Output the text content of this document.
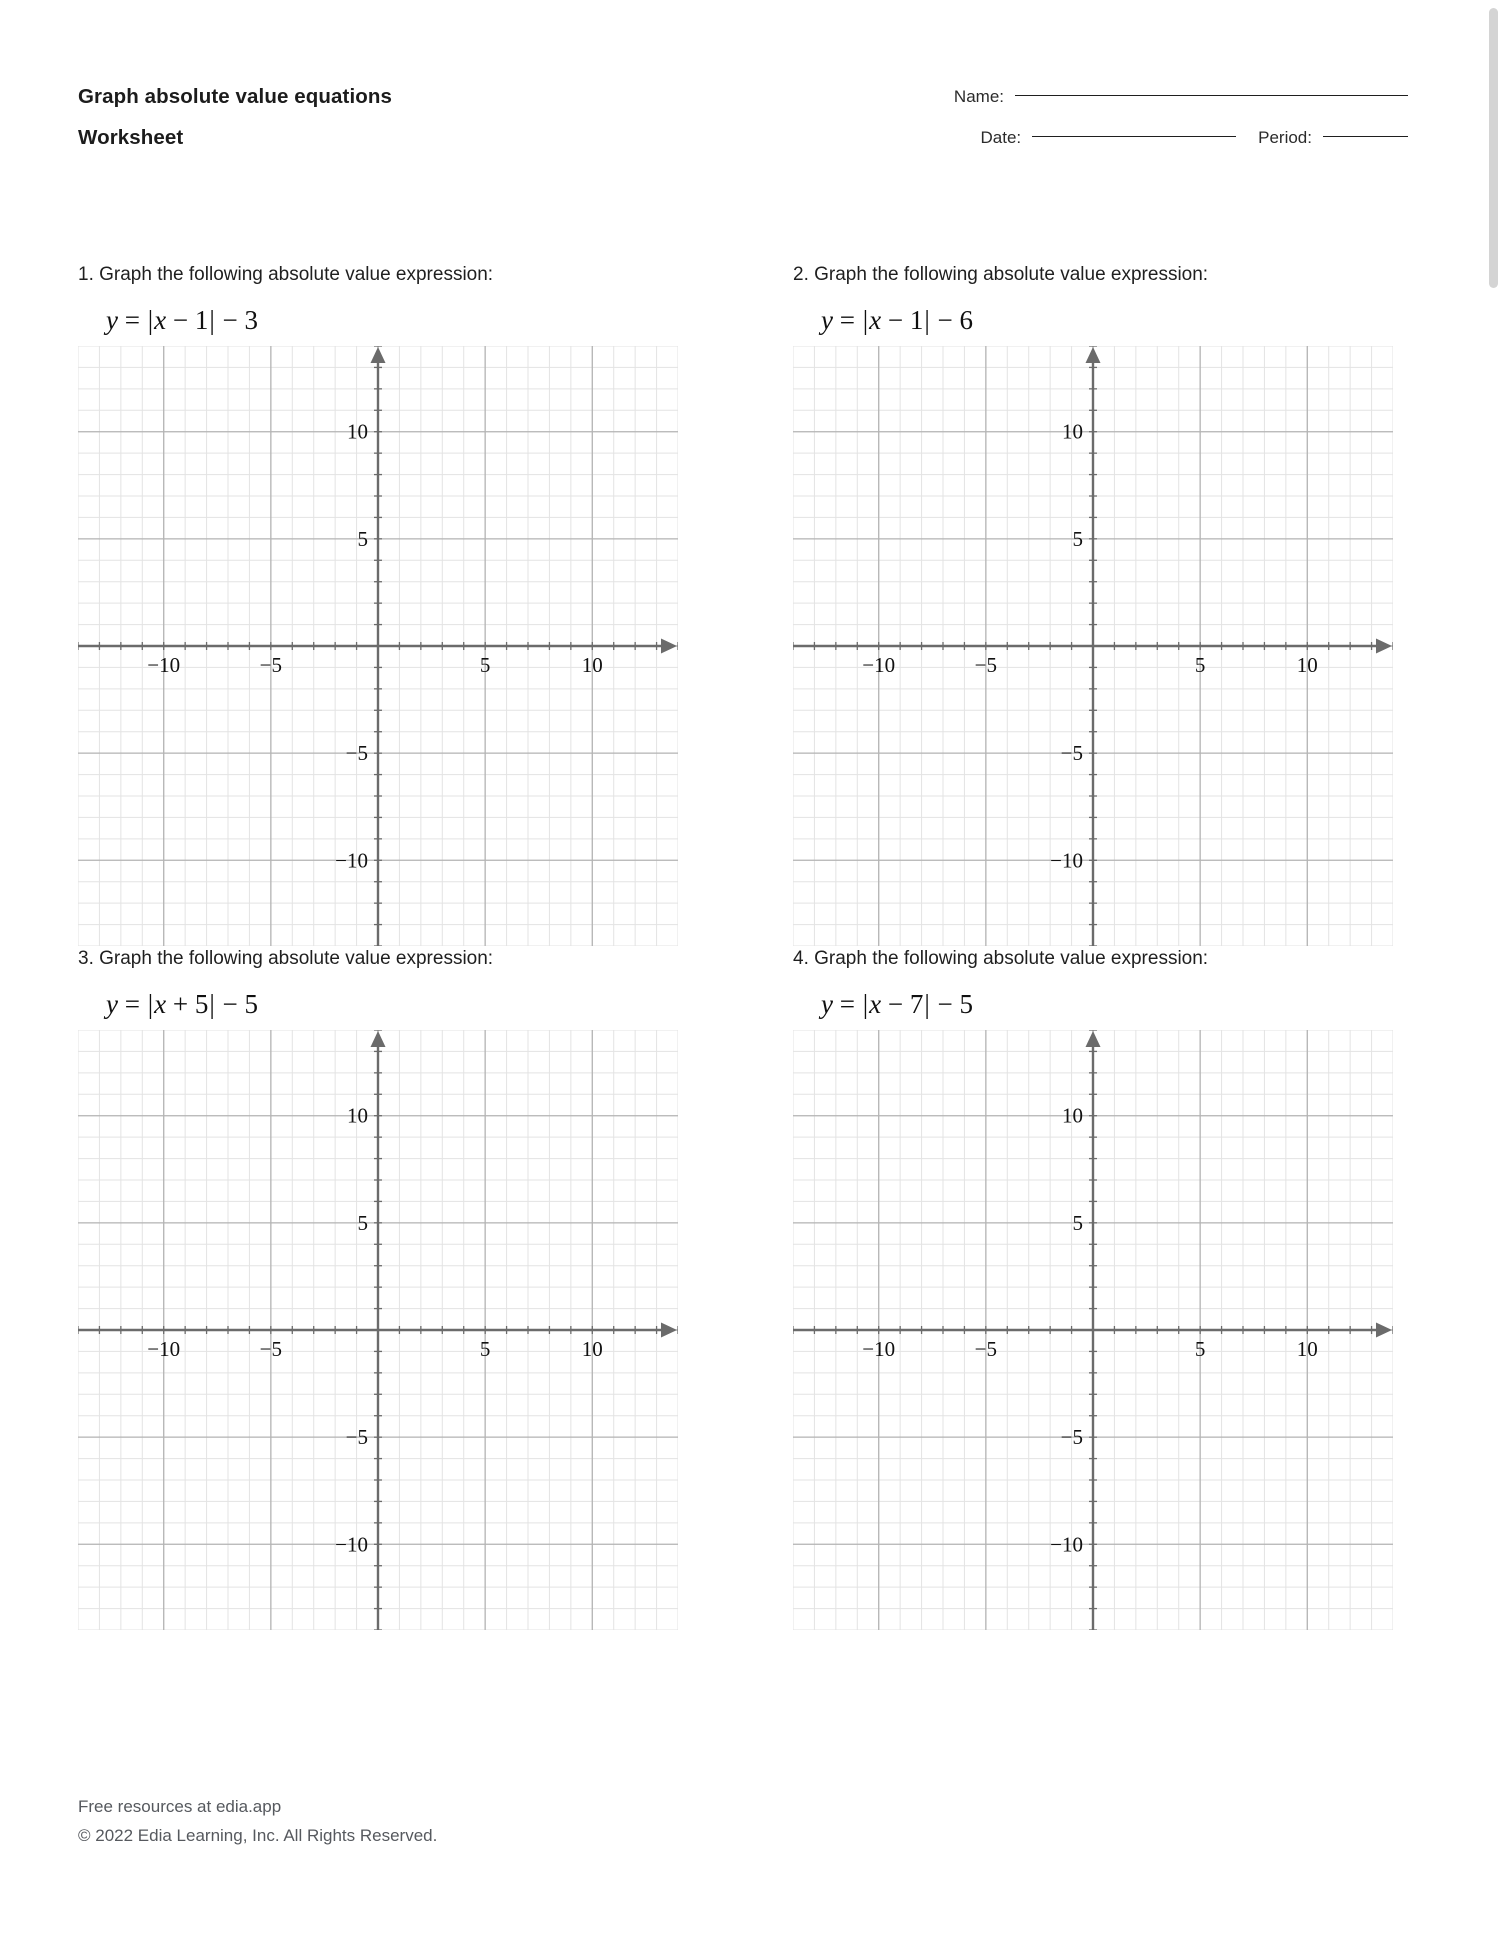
Graph absolute value equations
Worksheet
Name:
Date:	Period:
1. Graph the following absolute value expression:
y = |x − 1| − 3
−10	−5	5	10
10
5
−5
−10
2. Graph the following absolute value expression:
y = |x − 1| − 6
−10	−5	5	10
10
5
−5
−10
3. Graph the following absolute value expression:
y = |x + 5| − 5
−10	−5	5	10
10
5
−5
−10
4. Graph the following absolute value expression:
y = |x − 7| − 5
−10	−5	5	10
10
5
−5
−10
Free resources at edia.app
© 2022 Edia Learning, Inc. All Rights Reserved.
